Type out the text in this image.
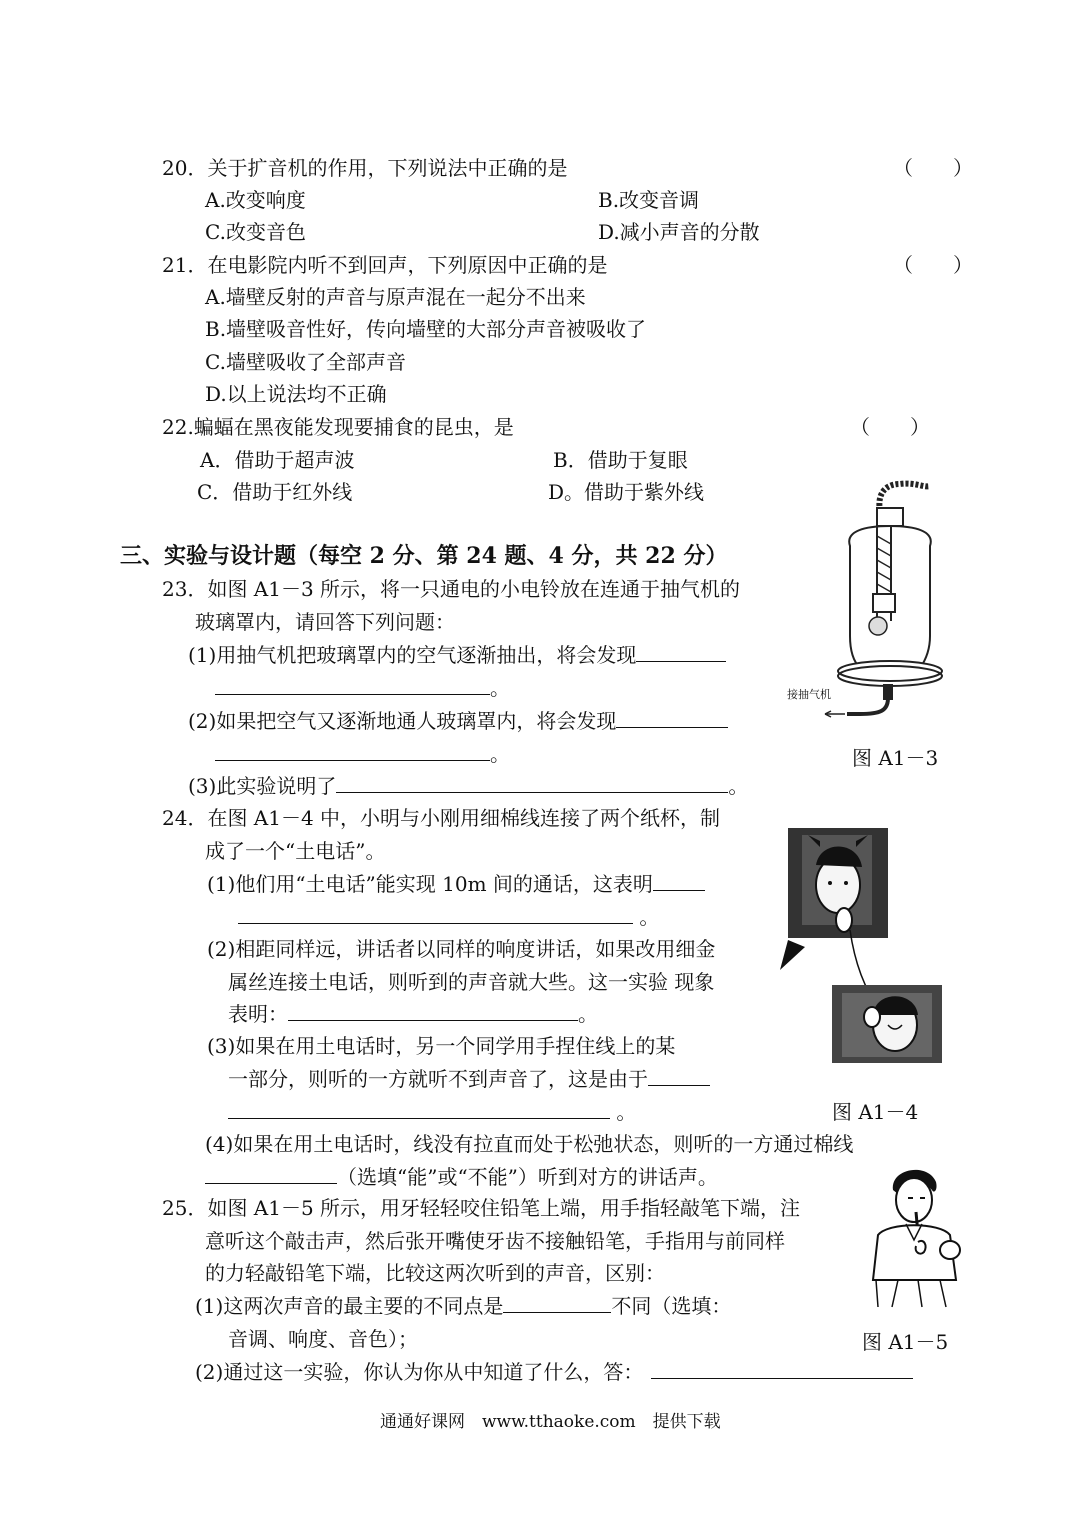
20．关于扩音机的作用，下列说法中正确的是	（　　）
A.改变响度	B.改变音调
C.改变音色	D.减小声音的分散
21．在电影院内听不到回声，下列原因中正确的是	（　　）
A.墙壁反射的声音与原声混在一起分不出来
B.墙壁吸音性好，传向墙壁的大部分声音被吸收了
C.墙壁吸收了全部声音
D.以上说法均不正确
22.蝙蝠在黑夜能发现要捕食的昆虫，是	（　　）
A．借助于超声波	B．借助于复眼
C．借助于红外线	D。借助于紫外线
三、实验与设计题（每空 2 分、第 24 题、4 分，共 22 分）
23．如图 A1－3 所示，将一只通电的小电铃放在连通于抽气机的
玻璃罩内，请回答下列问题：
(1)用抽气机把玻璃罩内的空气逐渐抽出，将会发现
。
(2)如果把空气又逐渐地通人玻璃罩内，将会发现
。
(3)此实验说明了	。
接抽气机
图 A1－3
24．在图 A1－4 中，小明与小刚用细棉线连接了两个纸杯，制
成了一个“土电话”。
(1)他们用“土电话”能实现 10m 间的通话，这表明
。
(2)相距同样远，讲话者以同样的响度讲话，如果改用细金
属丝连接土电话，则听到的声音就大些。这一实验 现象
表明：	。
(3)如果在用土电话时，另一个同学用手捏住线上的某
一部分，则听的一方就听不到声音了，这是由于
。
(4)如果在用土电话时，线没有拉直而处于松弛状态，则听的一方通过棉线
（选填“能”或“不能”）听到对方的讲话声。
图 A1－4
25．如图 A1－5 所示，用牙轻轻咬住铅笔上端，用手指轻敲笔下端，注
意听这个敲击声，然后张开嘴使牙齿不接触铅笔，手指用与前同样
的力轻敲铅笔下端，比较这两次听到的声音，区别：
(1)这两次声音的最主要的不同点是	不同（选填：
音调、响度、音色）；
(2)通过这一实验，你认为你从中知道了什么，答：
图 A1－5
通通好课网　www.tthaoke.com　提供下载
